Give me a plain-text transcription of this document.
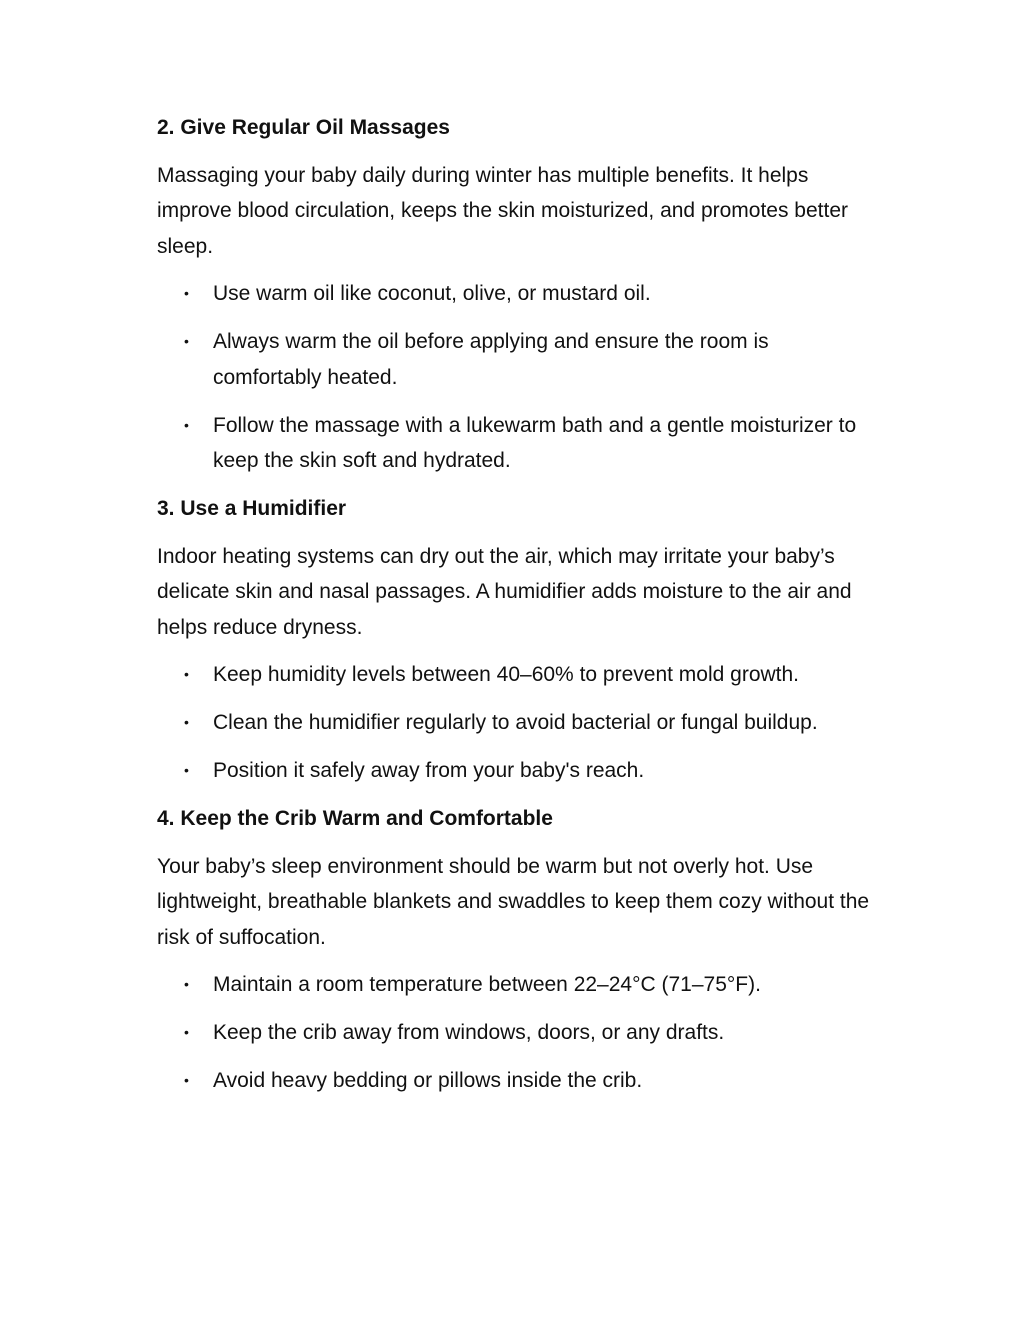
2. Give Regular Oil Massages

Massaging your baby daily during winter has multiple benefits. It helps improve blood circulation, keeps the skin moisturized, and promotes better sleep.

• Use warm oil like coconut, olive, or mustard oil.
• Always warm the oil before applying and ensure the room is comfortably heated.
• Follow the massage with a lukewarm bath and a gentle moisturizer to keep the skin soft and hydrated.
3. Use a Humidifier

Indoor heating systems can dry out the air, which may irritate your baby’s delicate skin and nasal passages. A humidifier adds moisture to the air and helps reduce dryness.

• Keep humidity levels between 40–60% to prevent mold growth.
• Clean the humidifier regularly to avoid bacterial or fungal buildup.
• Position it safely away from your baby's reach.
4. Keep the Crib Warm and Comfortable

Your baby’s sleep environment should be warm but not overly hot. Use lightweight, breathable blankets and swaddles to keep them cozy without the risk of suffocation.

• Maintain a room temperature between 22–24°C (71–75°F).
• Keep the crib away from windows, doors, or any drafts.
• Avoid heavy bedding or pillows inside the crib.
